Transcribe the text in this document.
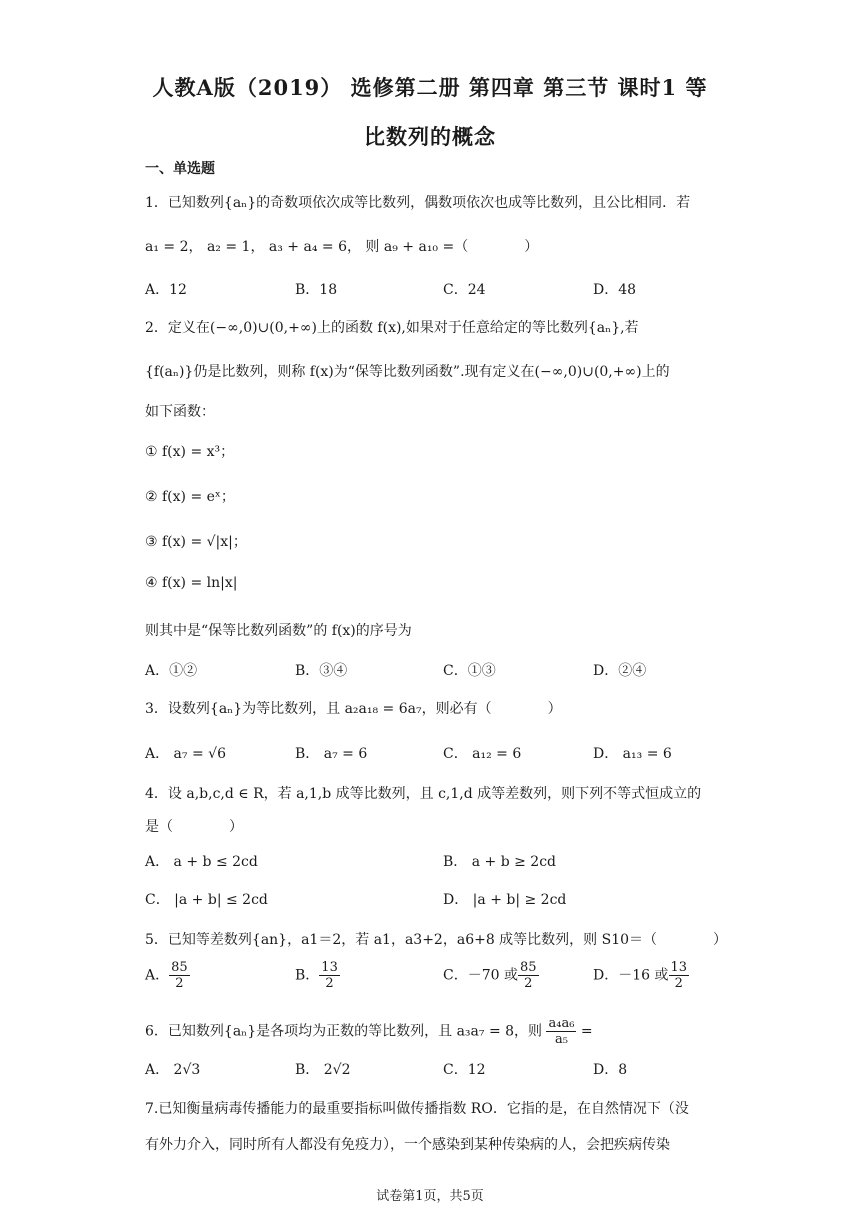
人教A版（2019） 选修第二册 第四章 第三节 课时1 等
比数列的概念
一、单选题
1．已知数列{aₙ}的奇数项依次成等比数列，偶数项依次也成等比数列，且公比相同．若
a₁ = 2， a₂ = 1， a₃ + a₄ = 6， 则 a₉ + a₁₀ =（　　　　）
A．12	B．18	C．24	D．48
2．定义在(−∞,0)∪(0,+∞)上的函数 f(x),如果对于任意给定的等比数列{aₙ},若
{f(aₙ)}仍是比数列，则称 f(x)为“保等比数列函数”.现有定义在(−∞,0)∪(0,+∞)上的
如下函数：
① f(x) = x³；
② f(x) = eˣ；
③ f(x) = √|x|；
④ f(x) = ln|x|
则其中是“保等比数列函数”的 f(x)的序号为
A．①②	B．③④	C．①③	D．②④
3．设数列{aₙ}为等比数列，且 a₂a₁₈ = 6a₇，则必有（　　　　）
A． a₇ = √6	B． a₇ = 6	C． a₁₂ = 6	D． a₁₃ = 6
4．设 a,b,c,d ∈ R，若 a,1,b 成等比数列，且 c,1,d 成等差数列，则下列不等式恒成立的
是（　　　　）
A． a + b ≤ 2cd	B． a + b ≥ 2cd
C． |a + b| ≤ 2cd	D． |a + b| ≥ 2cd
5．已知等差数列{an}，a1＝2，若 a1，a3+2，a6+8 成等比数列，则 S10＝（　　　　）
A． $\frac{85}{2}$	B． $\frac{13}{2}$	C．－70 或 $\frac{85}{2}$	D．－16 或 $\frac{13}{2}$
6．已知数列{aₙ}是各项均为正数的等比数列，且 a₃a₇ = 8，则 $\frac{\text{a₄a₆}}{\text{a₅}}$ =
A． 2√3	B． 2√2	C．12	D．8
7.已知衡量病毒传播能力的最重要指标叫做传播指数 RO．它指的是，在自然情况下（没
有外力介入，同时所有人都没有免疫力），一个感染到某种传染病的人，会把疾病传染
试卷第1页，共5页
